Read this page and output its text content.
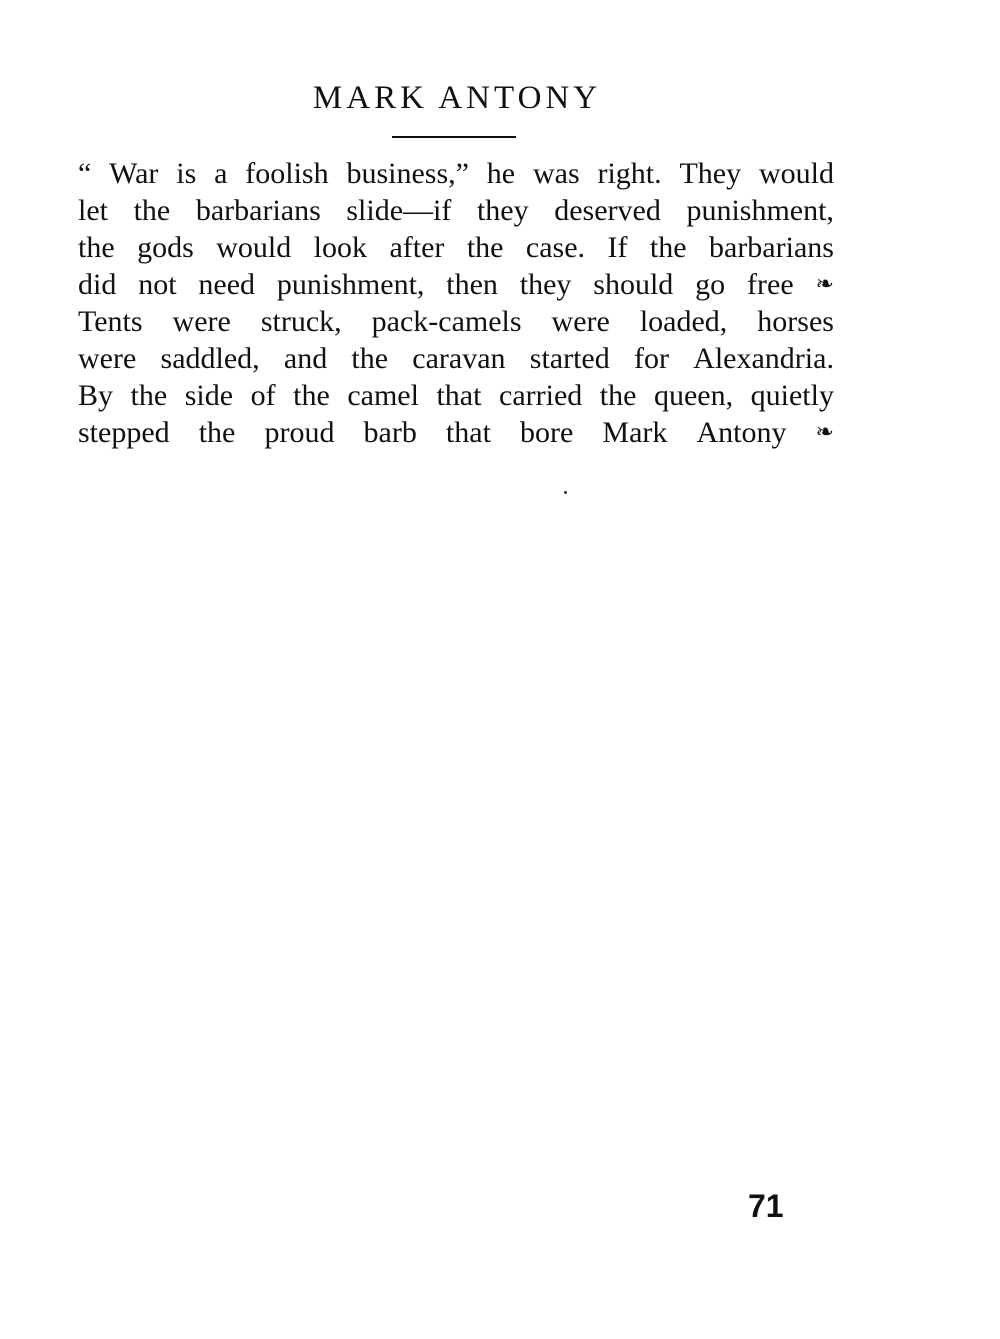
MARK ANTONY
“ War is a foolish business,” he was right. They would
let the barbarians slide—if they deserved punishment,
the gods would look after the case. If the barbarians
did not need punishment, then they should go free ❧
Tents were struck, pack-camels were loaded, horses
were saddled, and the caravan started for Alexandria.
By the side of the camel that carried the queen, quietly
stepped the proud barb that bore Mark Antony ❧
71
